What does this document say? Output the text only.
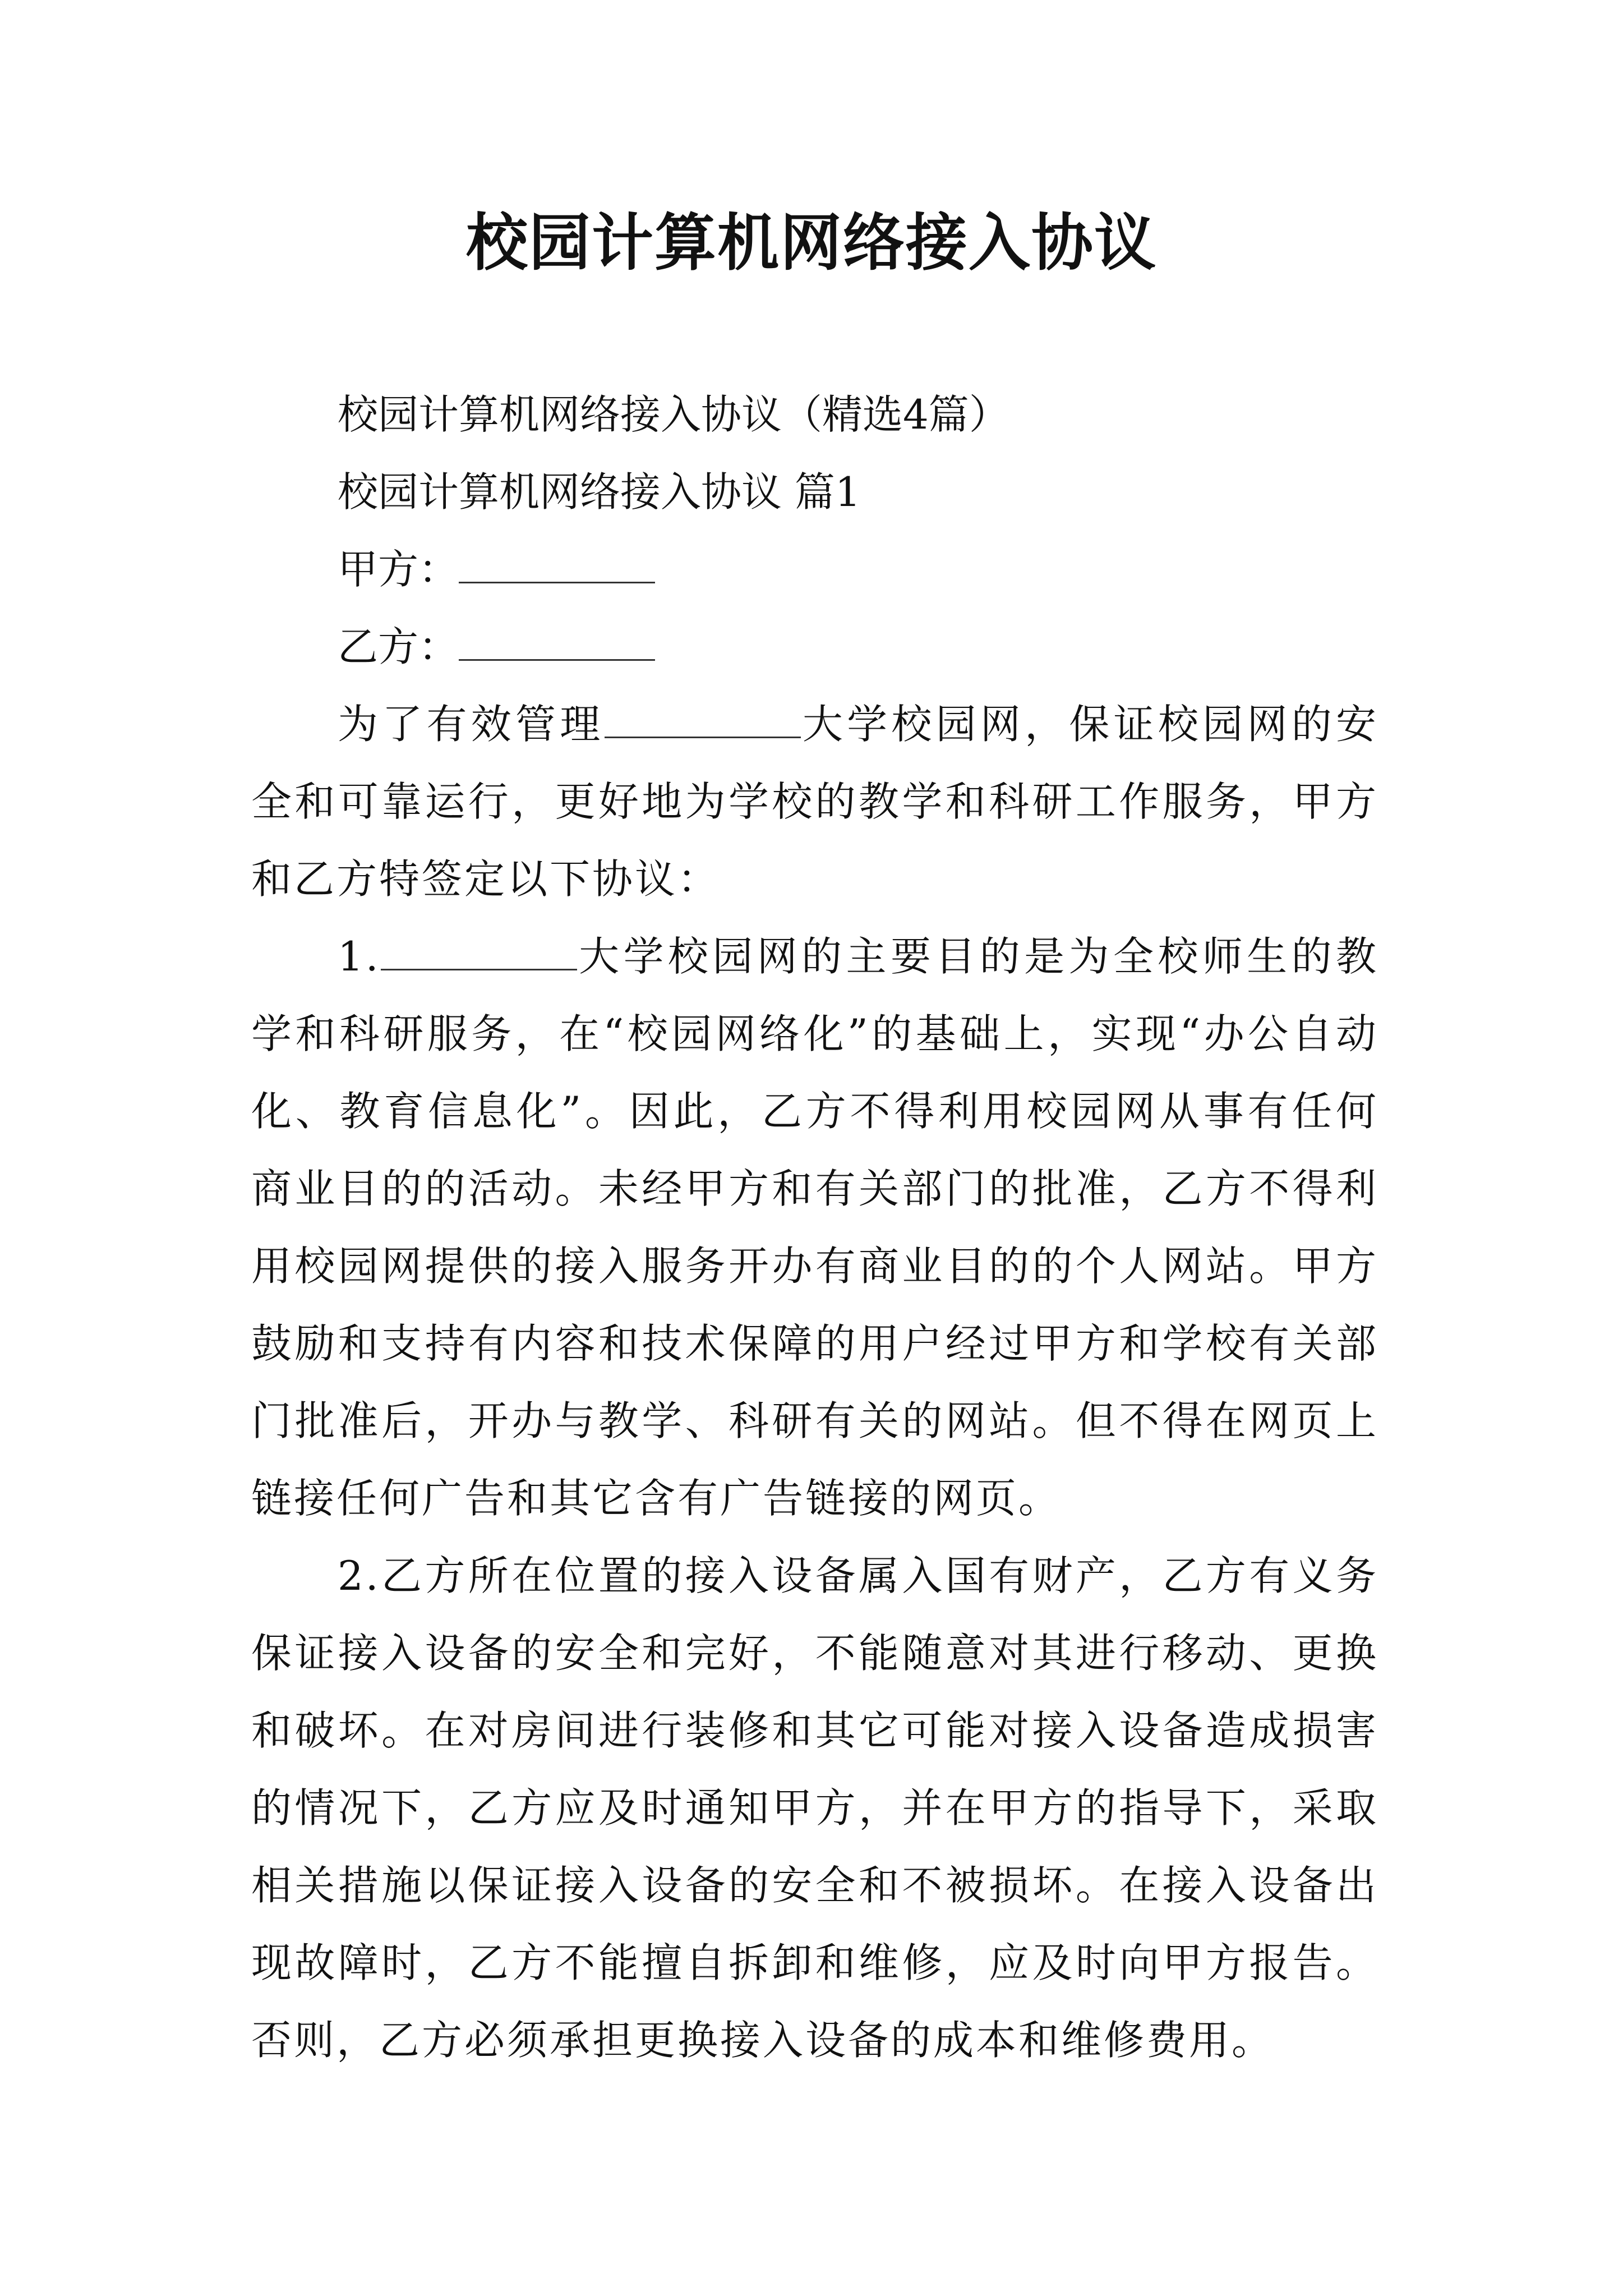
校园计算机网络接入协议

校园计算机网络接入协议（精选4篇）

校园计算机网络接入协议 篇1

甲方：

乙方：

为了有效管理	大学校园网，保证校园网的安全和可靠运行，更好地为学校的教学和科研工作服务，甲方和乙方特签定以下协议：

1.	大学校园网的主要目的是为全校师生的教学和科研服务，在“校园网络化”的基础上，实现“办公自动化、教育信息化”。因此，乙方不得利用校园网从事有任何商业目的的活动。未经甲方和有关部门的批准，乙方不得利用校园网提供的接入服务开办有商业目的的个人网站。甲方鼓励和支持有内容和技术保障的用户经过甲方和学校有关部门批准后，开办与教学、科研有关的网站。但不得在网页上链接任何广告和其它含有广告链接的网页。

2.乙方所在位置的接入设备属入国有财产，乙方有义务保证接入设备的安全和完好，不能随意对其进行移动、更换和破坏。在对房间进行装修和其它可能对接入设备造成损害的情况下，乙方应及时通知甲方，并在甲方的指导下，采取相关措施以保证接入设备的安全和不被损坏。在接入设备出现故障时，乙方不能擅自拆卸和维修，应及时向甲方报告。否则，乙方必须承担更换接入设备的成本和维修费用。
